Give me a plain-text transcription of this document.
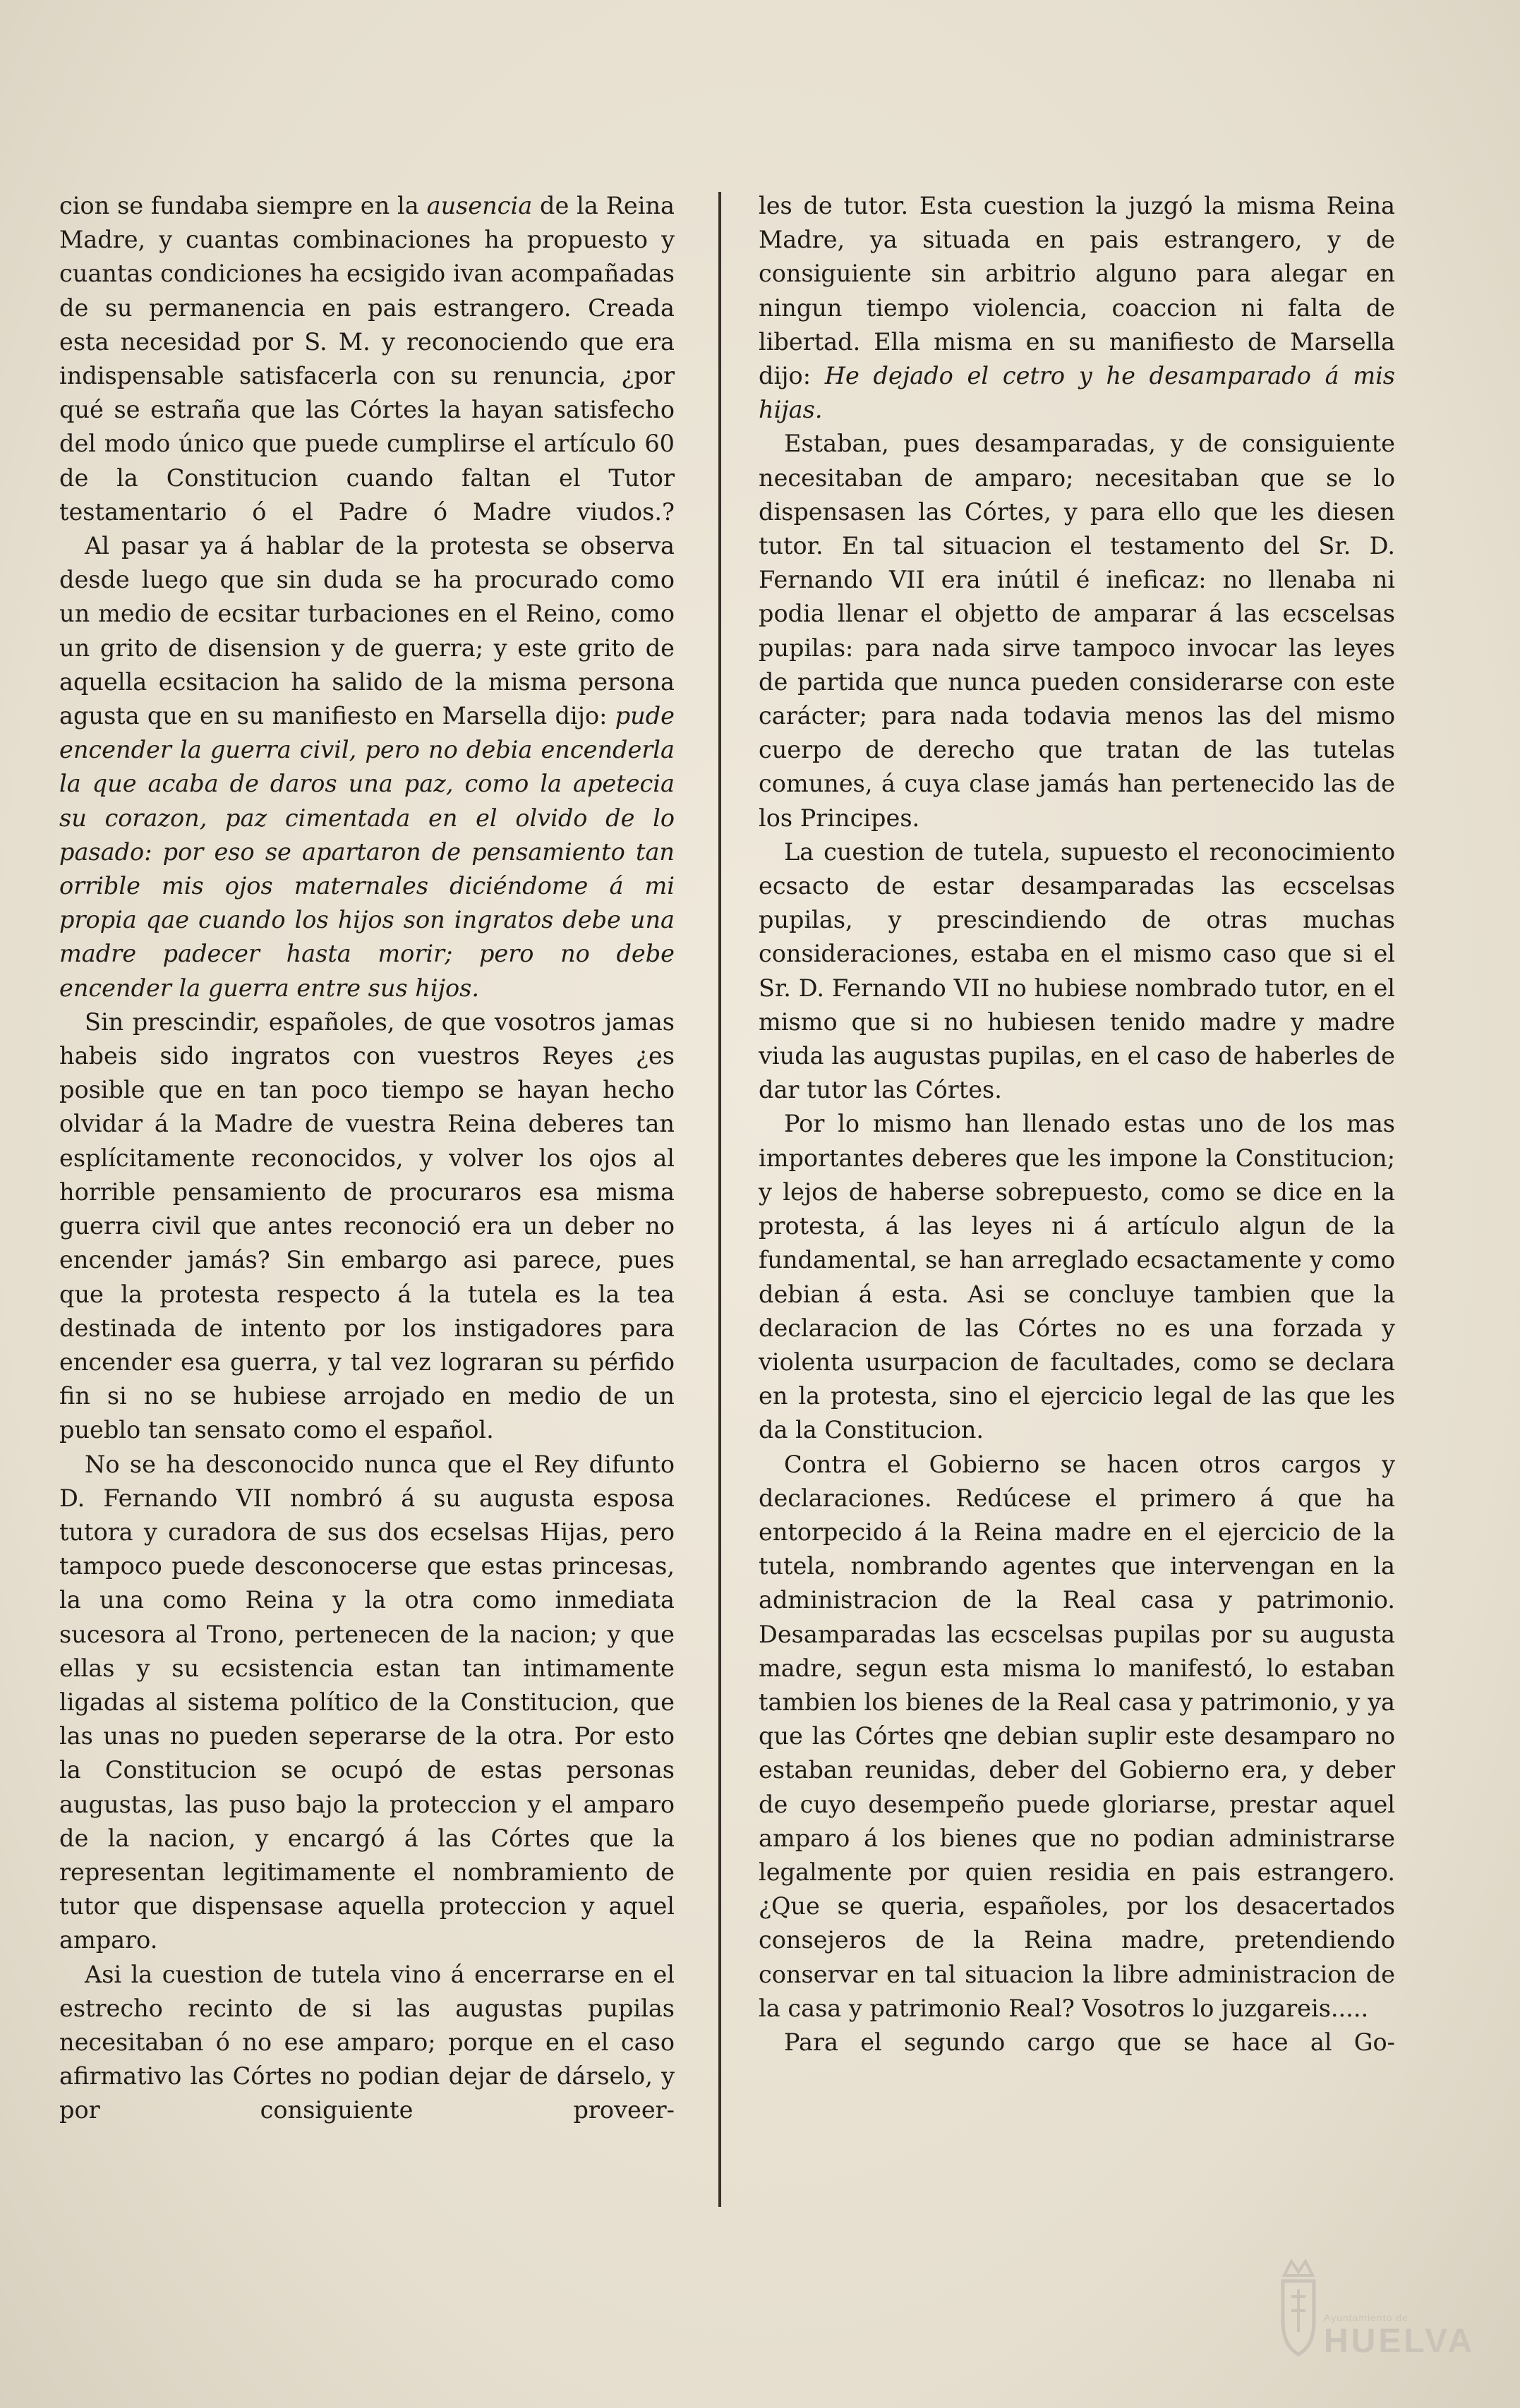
cion se fundaba siempre en la ausencia de la Reina Madre, y cuantas combinaciones ha propuesto y cuantas condiciones ha ecsigido ivan acompañadas de su permanencia en pais estrangero. Creada esta necesidad por S. M. y reconociendo que era indispensable satisfacerla con su renuncia, ¿por qué se estraña que las Córtes la hayan satisfecho del modo único que puede cumplirse el artículo 60 de la Constitucion cuando faltan el Tutor testamentario ó el Padre ó Madre viudos.?

Al pasar ya á hablar de la protesta se observa desde luego que sin duda se ha procurado como un medio de ecsitar turbaciones en el Reino, como un grito de disension y de guerra; y este grito de aquella ecsitacion ha salido de la misma persona agusta que en su manifiesto en Marsella dijo: pude encender la guerra civil, pero no debia encenderla la que acaba de daros una paz, como la apetecia su corazon, paz cimentada en el olvido de lo pasado: por eso se apartaron de pensamiento tan orrible mis ojos maternales diciéndome á mi propia qae cuando los hijos son ingratos debe una madre padecer hasta morir; pero no debe encender la guerra entre sus hijos.

Sin prescindir, españoles, de que vosotros jamas habeis sido ingratos con vuestros Reyes ¿es posible que en tan poco tiempo se hayan hecho olvidar á la Madre de vuestra Reina deberes tan esplícitamente reconocidos, y volver los ojos al horrible pensamiento de procuraros esa misma guerra civil que antes reconoció era un deber no encender jamás? Sin embargo asi parece, pues que la protesta respecto á la tutela es la tea destinada de intento por los instigadores para encender esa guerra, y tal vez lograran su pérfido fin si no se hubiese arrojado en medio de un pueblo tan sensato como el español.

No se ha desconocido nunca que el Rey difunto D. Fernando VII nombró á su augusta esposa tutora y curadora de sus dos ecselsas Hijas, pero tampoco puede desconocerse que estas princesas, la una como Reina y la otra como inmediata sucesora al Trono, pertenecen de la nacion; y que ellas y su ecsistencia estan tan intimamente ligadas al sistema político de la Constitucion, que las unas no pueden seperarse de la otra. Por esto la Constitucion se ocupó de estas personas augustas, las puso bajo la proteccion y el amparo de la nacion, y encargó á las Córtes que la representan legitimamente el nombramiento de tutor que dispensase aquella proteccion y aquel amparo.

Asi la cuestion de tutela vino á encerrarse en el estrecho recinto de si las augustas pupilas necesitaban ó no ese amparo; porque en el caso afirmativo las Córtes no podian dejar de dárselo, y por consiguiente proveer-

les de tutor. Esta cuestion la juzgó la misma Reina Madre, ya situada en pais estrangero, y de consiguiente sin arbitrio alguno para alegar en ningun tiempo violencia, coaccion ni falta de libertad. Ella misma en su manifiesto de Marsella dijo: He dejado el cetro y he desamparado á mis hijas.

Estaban, pues desamparadas, y de consiguiente necesitaban de amparo; necesitaban que se lo dispensasen las Córtes, y para ello que les diesen tutor. En tal situacion el testamento del Sr. D. Fernando VII era inútil é ineficaz: no llenaba ni podia llenar el objetto de amparar á las ecscelsas pupilas: para nada sirve tampoco invocar las leyes de partida que nunca pueden considerarse con este carácter; para nada todavia menos las del mismo cuerpo de derecho que tratan de las tutelas comunes, á cuya clase jamás han pertenecido las de los Principes.

La cuestion de tutela, supuesto el reconocimiento ecsacto de estar desamparadas las ecscelsas pupilas, y prescindiendo de otras muchas consideraciones, estaba en el mismo caso que si el Sr. D. Fernando VII no hubiese nombrado tutor, en el mismo que si no hubiesen tenido madre y madre viuda las augustas pupilas, en el caso de haberles de dar tutor las Córtes.

Por lo mismo han llenado estas uno de los mas importantes deberes que les impone la Constitucion; y lejos de haberse sobrepuesto, como se dice en la protesta, á las leyes ni á artículo algun de la fundamental, se han arreglado ecsactamente y como debian á esta. Asi se concluye tambien que la declaracion de las Córtes no es una forzada y violenta usurpacion de facultades, como se declara en la protesta, sino el ejercicio legal de las que les da la Constitucion.

Contra el Gobierno se hacen otros cargos y declaraciones. Redúcese el primero á que ha entorpecido á la Reina madre en el ejercicio de la tutela, nombrando agentes que intervengan en la administracion de la Real casa y patrimonio. Desamparadas las ecscelsas pupilas por su augusta madre, segun esta misma lo manifestó, lo estaban tambien los bienes de la Real casa y patrimonio, y ya que las Córtes qne debian suplir este desamparo no estaban reunidas, deber del Gobierno era, y deber de cuyo desempeño puede gloriarse, prestar aquel amparo á los bienes que no podian administrarse legalmente por quien residia en pais estrangero. ¿Que se queria, españoles, por los desacertados consejeros de la Reina madre, pretendiendo conservar en tal situacion la libre administracion de la casa y patrimonio Real? Vosotros lo juzgareis.....

Para el segundo cargo que se hace al Go-

Ayuntamiento de
HUELVA
